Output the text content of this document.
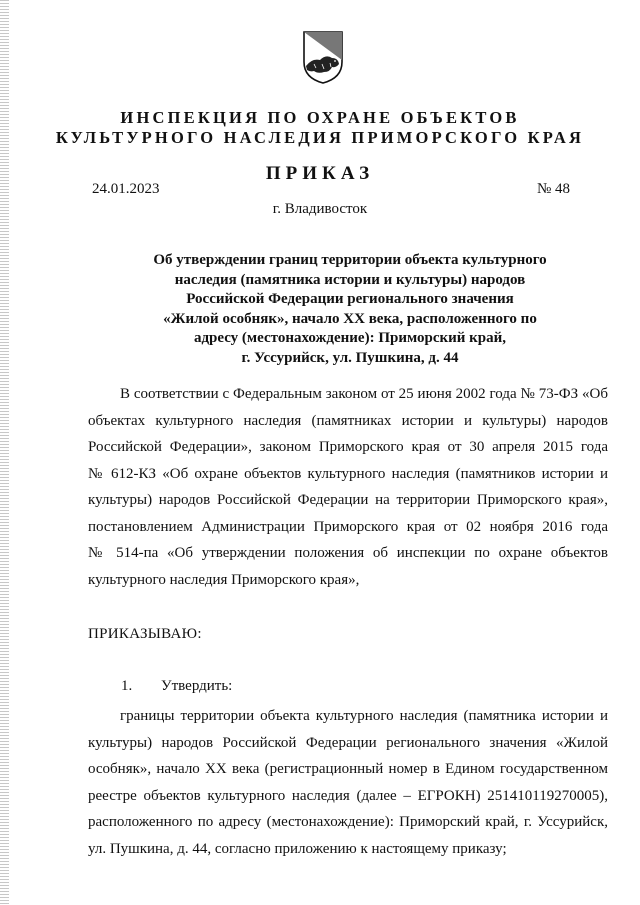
ИНСПЕКЦИЯ ПО ОХРАНЕ ОБЪЕКТОВ
КУЛЬТУРНОГО НАСЛЕДИЯ ПРИМОРСКОГО КРАЯ
ПРИКАЗ
24.01.2023	№ 48
г. Владивосток
Об утверждении границ территории объекта культурного
наследия (памятника истории и культуры) народов
Российской Федерации регионального значения
«Жилой особняк», начало XX века, расположенного по
адресу (местонахождение): Приморский край,
г. Уссурийск, ул. Пушкина, д. 44
В соответствии с Федеральным законом от 25 июня 2002 года № 73-ФЗ «Об
объектах культурного наследия (памятниках истории и культуры) народов
Российской Федерации», законом Приморского края от 30 апреля 2015 года
№ 612-КЗ «Об охране объектов культурного наследия (памятников истории и
культуры) народов Российской Федерации на территории Приморского края»,
постановлением Администрации Приморского края от 02 ноября 2016 года
№ 514-па «Об утверждении положения об инспекции по охране объектов
культурного наследия Приморского края»,
ПРИКАЗЫВАЮ:
1. Утвердить:
границы территории объекта культурного наследия (памятника истории и
культуры) народов Российской Федерации регионального значения «Жилой
особняк», начало XX века (регистрационный номер в Едином государственном
реестре объектов культурного наследия (далее – ЕГРОКН) 251410119270005),
расположенного по адресу (местонахождение): Приморский край, г. Уссурийск,
ул. Пушкина, д. 44, согласно приложению к настоящему приказу;
